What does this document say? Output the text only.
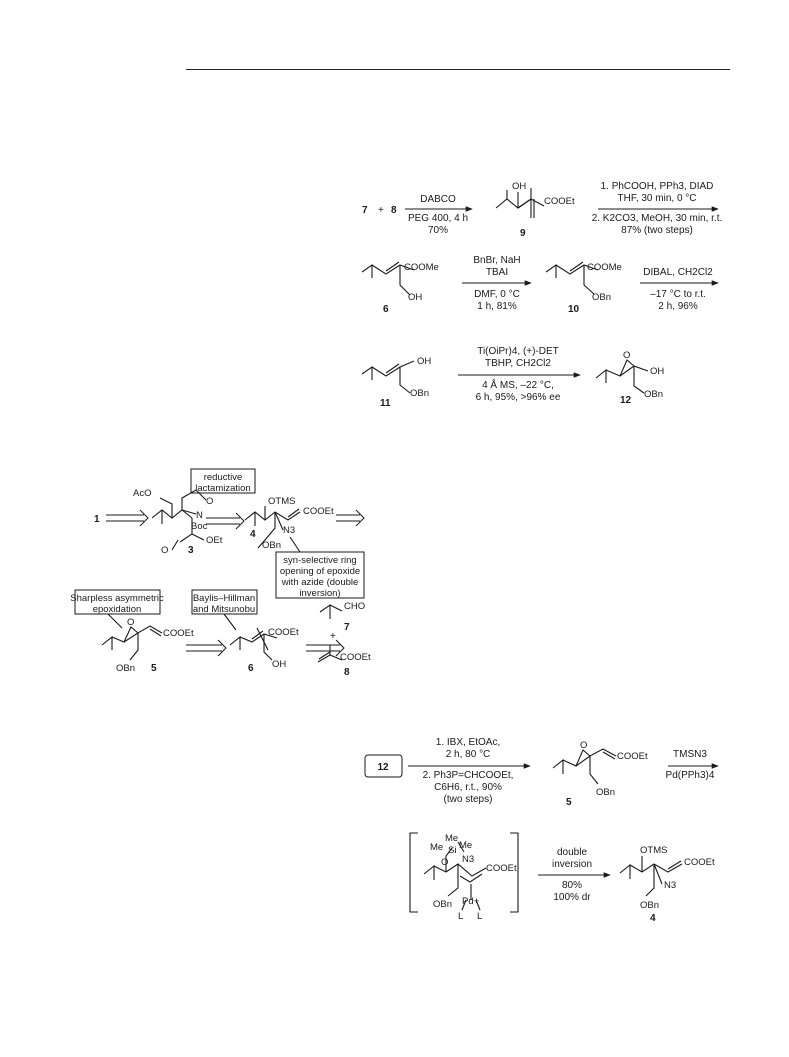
7 + 8
DABCO
PEG 400, 4 h
70%
OH
COOEt
9
1. PhCOOH, PPh3, DIAD
THF, 30 min, 0 °C
2. K2CO3, MeOH, 30 min, r.t.
87% (two steps)
COOMe
OH
6
BnBr, NaH
TBAI
DMF, 0 °C
1 h, 81%
COOMe
OBn
10
DIBAL, CH2Cl2
–17 °C to r.t.
2 h, 96%
OH
OBn
11
Ti(OiPr)4, (+)-DET
TBHP, CH2Cl2
4 Å MS, –22 °C,
6 h, 95%, >96% ee
O
OH
OBn
12
1
reductive
lactamization
AcO
N
Boc
O
O
OEt
3
OTMS
COOEt
N3
OBn
4
syn-selective ring
opening of epoxide
with azide (double
inversion)
Sharpless asymmetric
epoxidation
O
COOEt
OBn 5
Baylis–Hillman
and Mitsunobu
COOEt
OH
6
CHO
7
+
COOEt
8
12
1. IBX, EtOAc,
2 h, 80 °C
2. Ph3P=CHCOOEt,
C6H6, r.t., 90%
(two steps)
O
COOEt
OBn
5
TMSN3
Pd(PPh3)4
Me
Me
Me Si
O N3
COOEt
OBn Pd+
L L
double
inversion
80%
100% dr
OTMS
COOEt
N3
OBn
4
